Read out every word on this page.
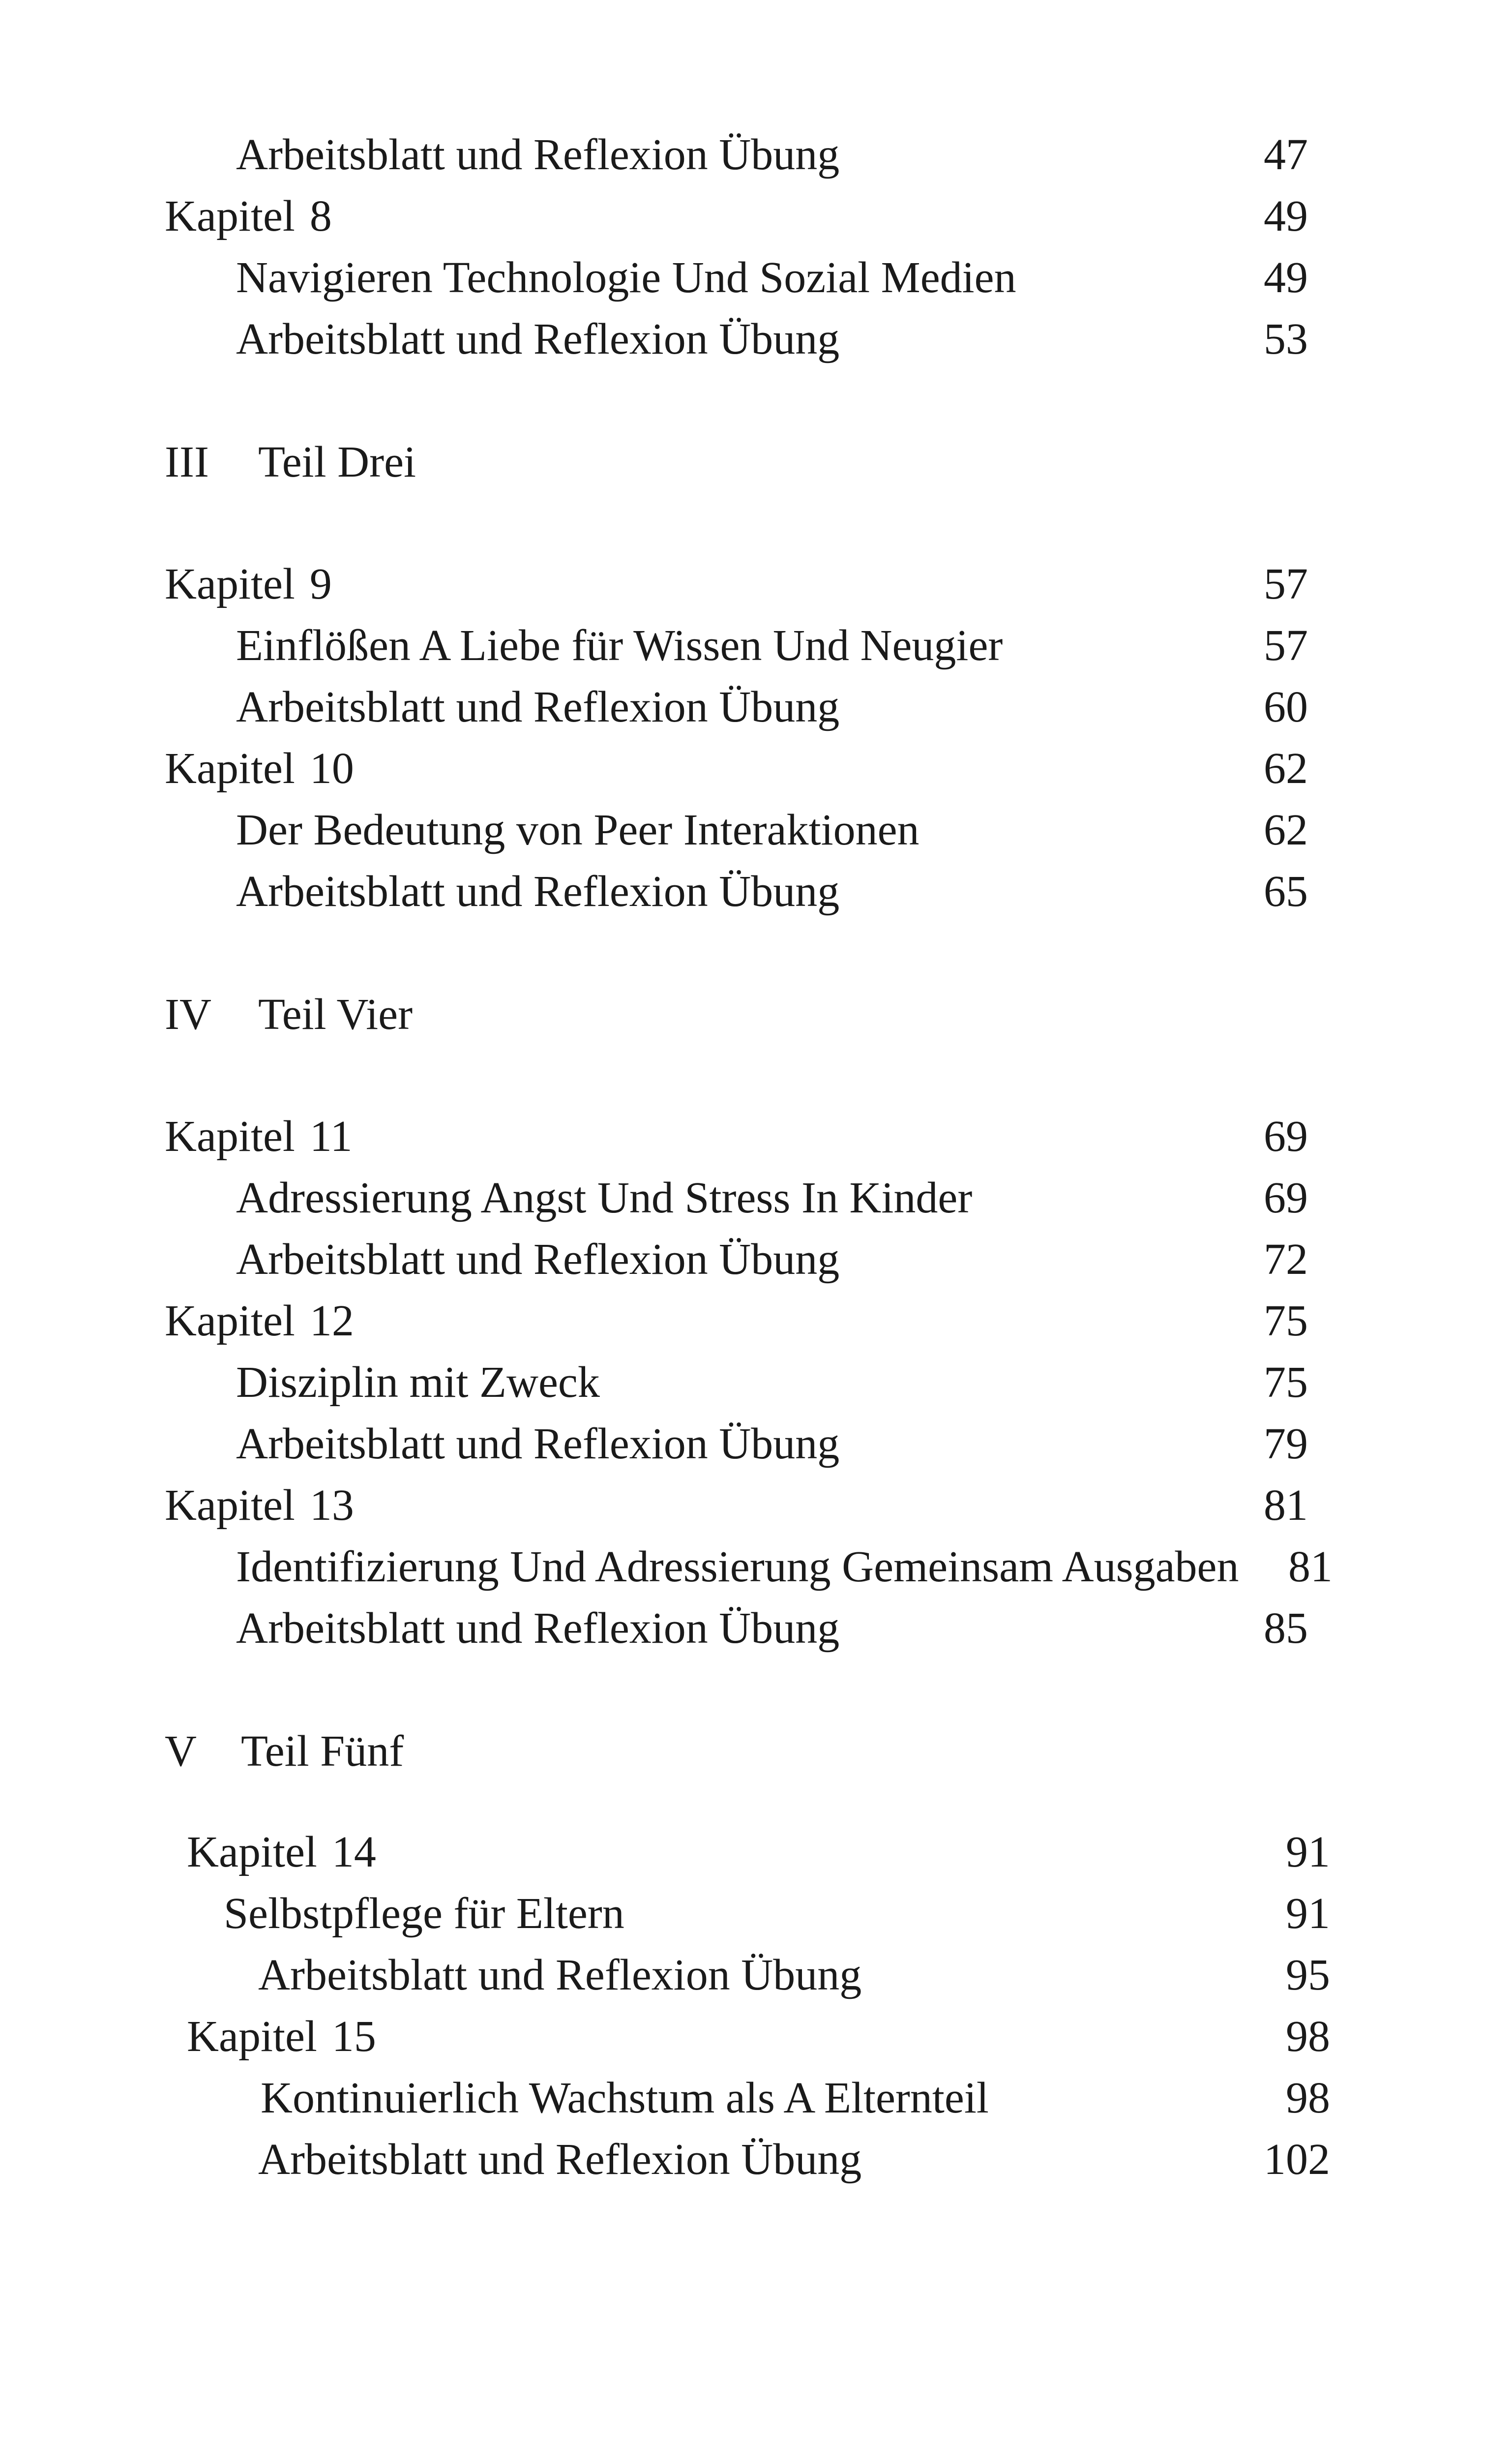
Arbeitsblatt und Reflexion Übung	47
Kapitel 8	49
Navigieren Technologie Und Sozial Medien	49
Arbeitsblatt und Reflexion Übung	53
III Teil Drei
Kapitel 9	57
Einflößen A Liebe für Wissen Und Neugier	57
Arbeitsblatt und Reflexion Übung	60
Kapitel 10	62
Der Bedeutung von Peer Interaktionen	62
Arbeitsblatt und Reflexion Übung	65
IV Teil Vier
Kapitel 11	69
Adressierung Angst Und Stress In Kinder	69
Arbeitsblatt und Reflexion Übung	72
Kapitel 12	75
Disziplin mit Zweck	75
Arbeitsblatt und Reflexion Übung	79
Kapitel 13	81
Identifizierung Und Adressierung Gemeinsam Ausgaben 81
Arbeitsblatt und Reflexion Übung	85
V Teil Fünf
Kapitel 14	91
Selbstpflege für Eltern	91
Arbeitsblatt und Reflexion Übung	95
Kapitel 15	98
Kontinuierlich Wachstum als A Elternteil	98
Arbeitsblatt und Reflexion Übung	102
